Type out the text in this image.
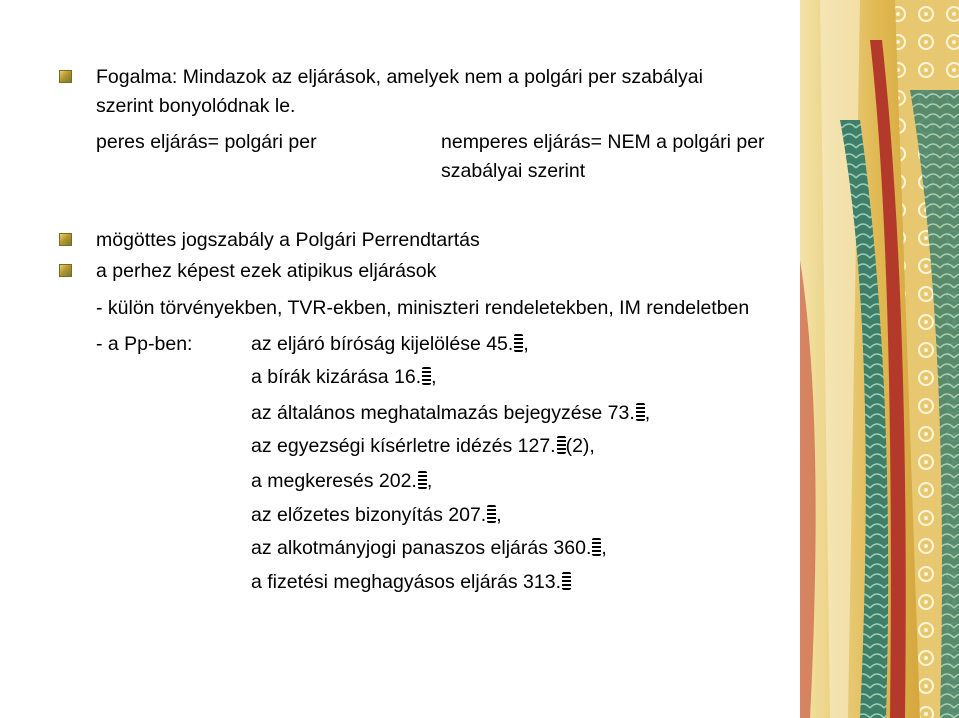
Fogalma: Mindazok az eljárások, amelyek nem a polgári per szabályai
szerint bonyolódnak le.
peres eljárás= polgári per	nemperes eljárás= NEM a polgári per
szabályai szerint
mögöttes jogszabály a Polgári Perrendtartás
a perhez képest ezek atipikus eljárások
- külön törvényekben, TVR-ekben, miniszteri rendeletekben, IM rendeletben
- a Pp-ben:	az eljáró bíróság kijelölése 45. ,
a bírák kizárása 16. ,
az általános meghatalmazás bejegyzése 73. ,
az egyezségi kísérletre idézés 127. (2),
a megkeresés 202. ,
az előzetes bizonyítás 207. ,
az alkotmányjogi panaszos eljárás 360. ,
a fizetési meghagyásos eljárás 313.
